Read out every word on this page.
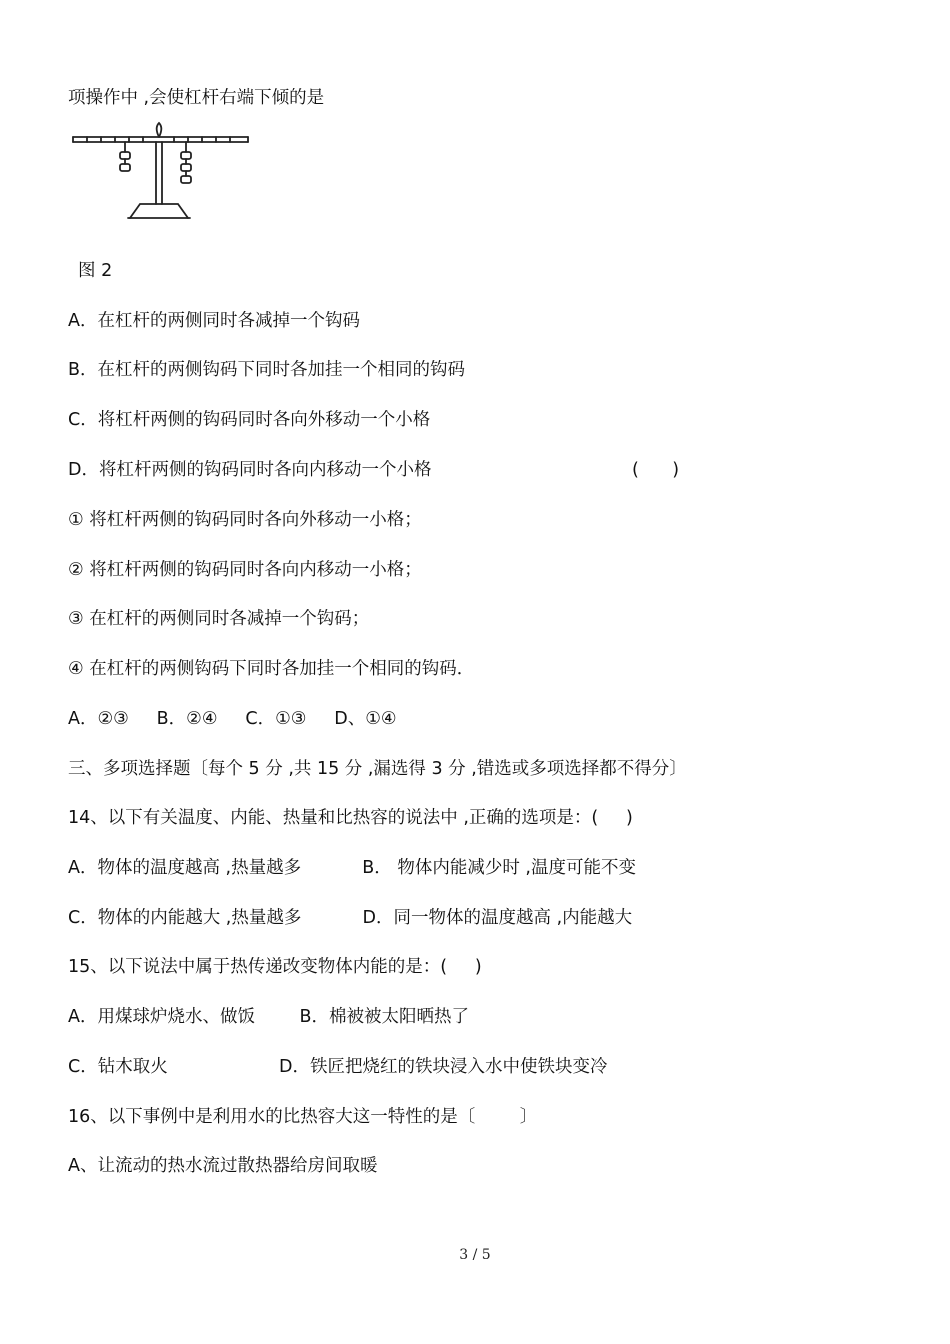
项操作中 ,会使杠杆右端下倾的是
图 2
A．在杠杆的两侧同时各减掉一个钩码
B．在杠杆的两侧钩码下同时各加挂一个相同的钩码
C．将杠杆两侧的钩码同时各向外移动一个小格
D．将杠杆两侧的钩码同时各向内移动一个小格	(      )
① 将杠杆两侧的钩码同时各向外移动一小格；
② 将杠杆两侧的钩码同时各向内移动一小格；
③ 在杠杆的两侧同时各减掉一个钩码；
④ 在杠杆的两侧钩码下同时各加挂一个相同的钩码．
A．②③     B．②④     C．①③     D、①④
三、多项选择题〔每个 5 分 ,共 15 分 ,漏选得 3 分 ,错选或多项选择都不得分〕
14、以下有关温度、内能、热量和比热容的说法中 ,正确的选项是：(     )
A．物体的温度越高 ,热量越多           B． 物体内能减少时 ,温度可能不变
C．物体的内能越大 ,热量越多           D．同一物体的温度越高 ,内能越大
15、以下说法中属于热传递改变物体内能的是：(     )
A．用煤球炉烧水、做饭        B．棉被被太阳晒热了
C．钻木取火                    D．铁匠把烧红的铁块浸入水中使铁块变冷
16、以下事例中是利用水的比热容大这一特性的是〔        〕
A、让流动的热水流过散热器给房间取暖
3 / 5
